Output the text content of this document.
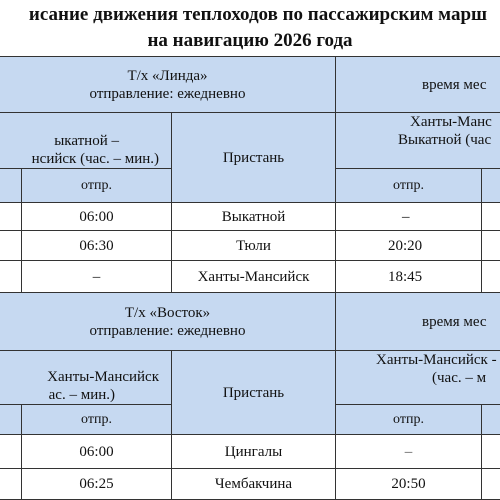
исание движения теплоходов по пассажирским марш
на навигацию 2026 года
Т/х «Линда»
отправление: ежедневно
время мес
ыкатной –
нсийск (час. – мин.)	Пристань
Ханты-Манс
Выкатной (час
отпр.	отпр.
06:00	Выкатной	–
06:30	Тюли	20:20
–	Ханты-Мансийск	18:45
Т/х «Восток»
отправление: ежедневно
время мес
Ханты-Мансийск
ас. – мин.)	Пристань
Ханты-Мансийск -
(час. – м
отпр.	отпр.
06:00	Цингалы	–
06:25	Чембакчина	20:50
